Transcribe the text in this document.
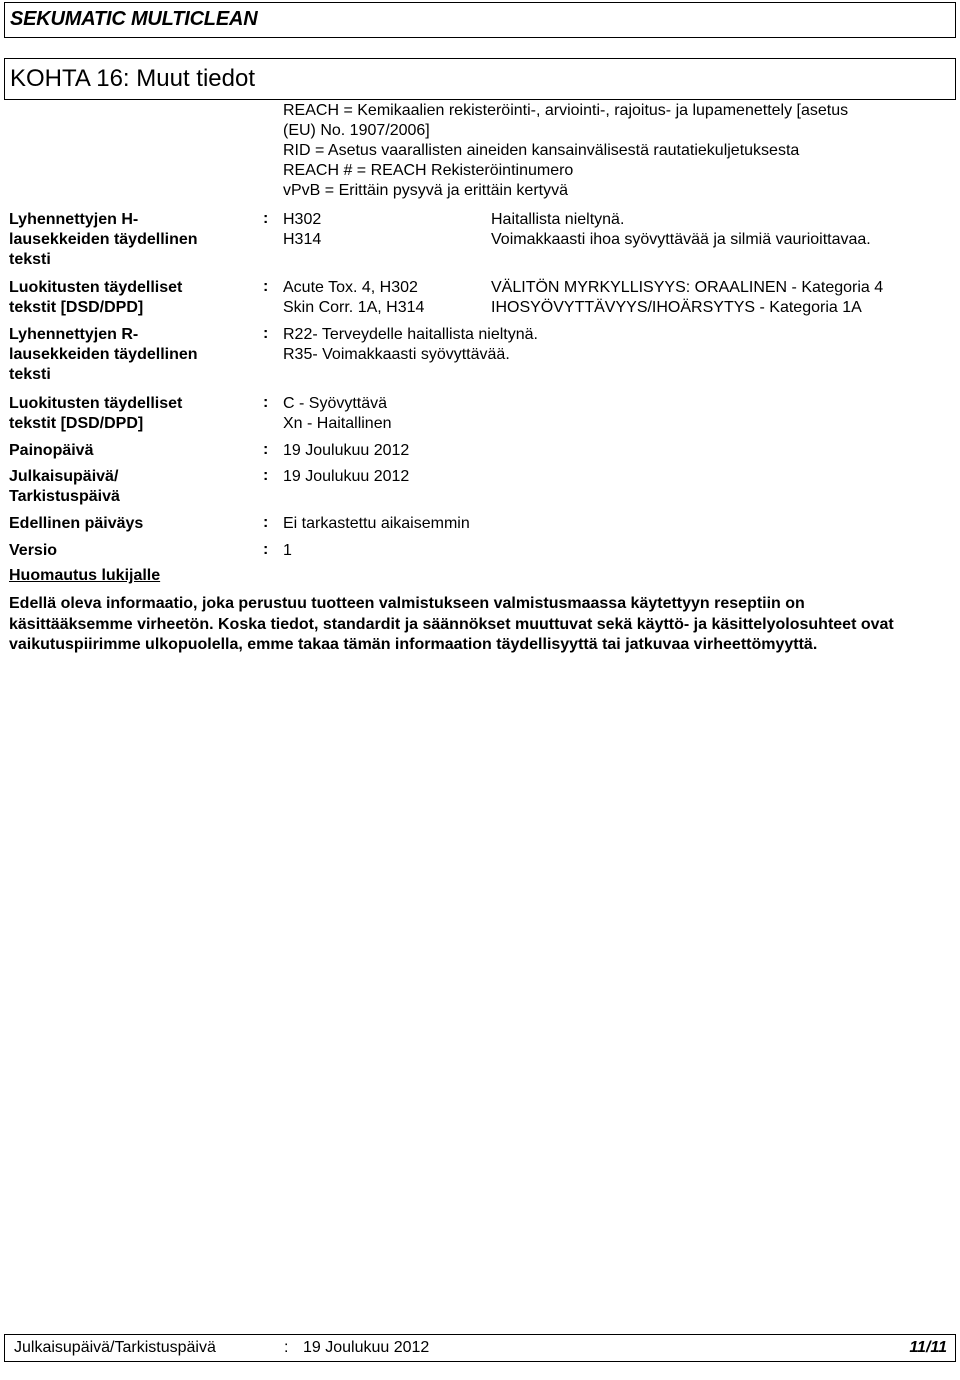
SEKUMATIC MULTICLEAN
KOHTA 16: Muut tiedot
REACH = Kemikaalien rekisteröinti-, arviointi-, rajoitus- ja lupamenettely [asetus
(EU) No. 1907/2006]
RID = Asetus vaarallisten aineiden kansainvälisestä rautatiekuljetuksesta
REACH # = REACH Rekisteröintinumero
vPvB = Erittäin pysyvä ja erittäin kertyvä
Lyhennettyjen H-
lausekkeiden täydellinen
teksti
: H302	Haitallista nieltynä.
H314	Voimakkaasti ihoa syövyttävää ja silmiä vaurioittavaa.
Luokitusten täydelliset
tekstit [DSD/DPD]
: Acute Tox. 4, H302	VÄLITÖN MYRKYLLISYYS: ORAALINEN - Kategoria 4
Skin Corr. 1A, H314	IHOSYÖVYTTÄVYYS/IHOÄRSYTYS - Kategoria 1A
Lyhennettyjen R-
lausekkeiden täydellinen
teksti
: R22- Terveydelle haitallista nieltynä.
R35- Voimakkaasti syövyttävää.
Luokitusten täydelliset
tekstit [DSD/DPD]
: C - Syövyttävä
Xn - Haitallinen
Painopäivä	: 19 Joulukuu 2012
Julkaisupäivä/
Tarkistuspäivä
: 19 Joulukuu 2012
Edellinen päiväys	: Ei tarkastettu aikaisemmin
Versio	: 1
Huomautus lukijalle
Edellä oleva informaatio, joka perustuu tuotteen valmistukseen valmistusmaassa käytettyyn reseptiin on käsittääksemme virheetön. Koska tiedot, standardit ja säännökset muuttuvat sekä käyttö- ja käsittelyolosuhteet ovat vaikutuspiirimme ulkopuolella, emme takaa tämän informaation täydellisyyttä tai jatkuvaa virheettömyyttä.
Julkaisupäivä/Tarkistuspäivä	: 19 Joulukuu 2012	11/11
